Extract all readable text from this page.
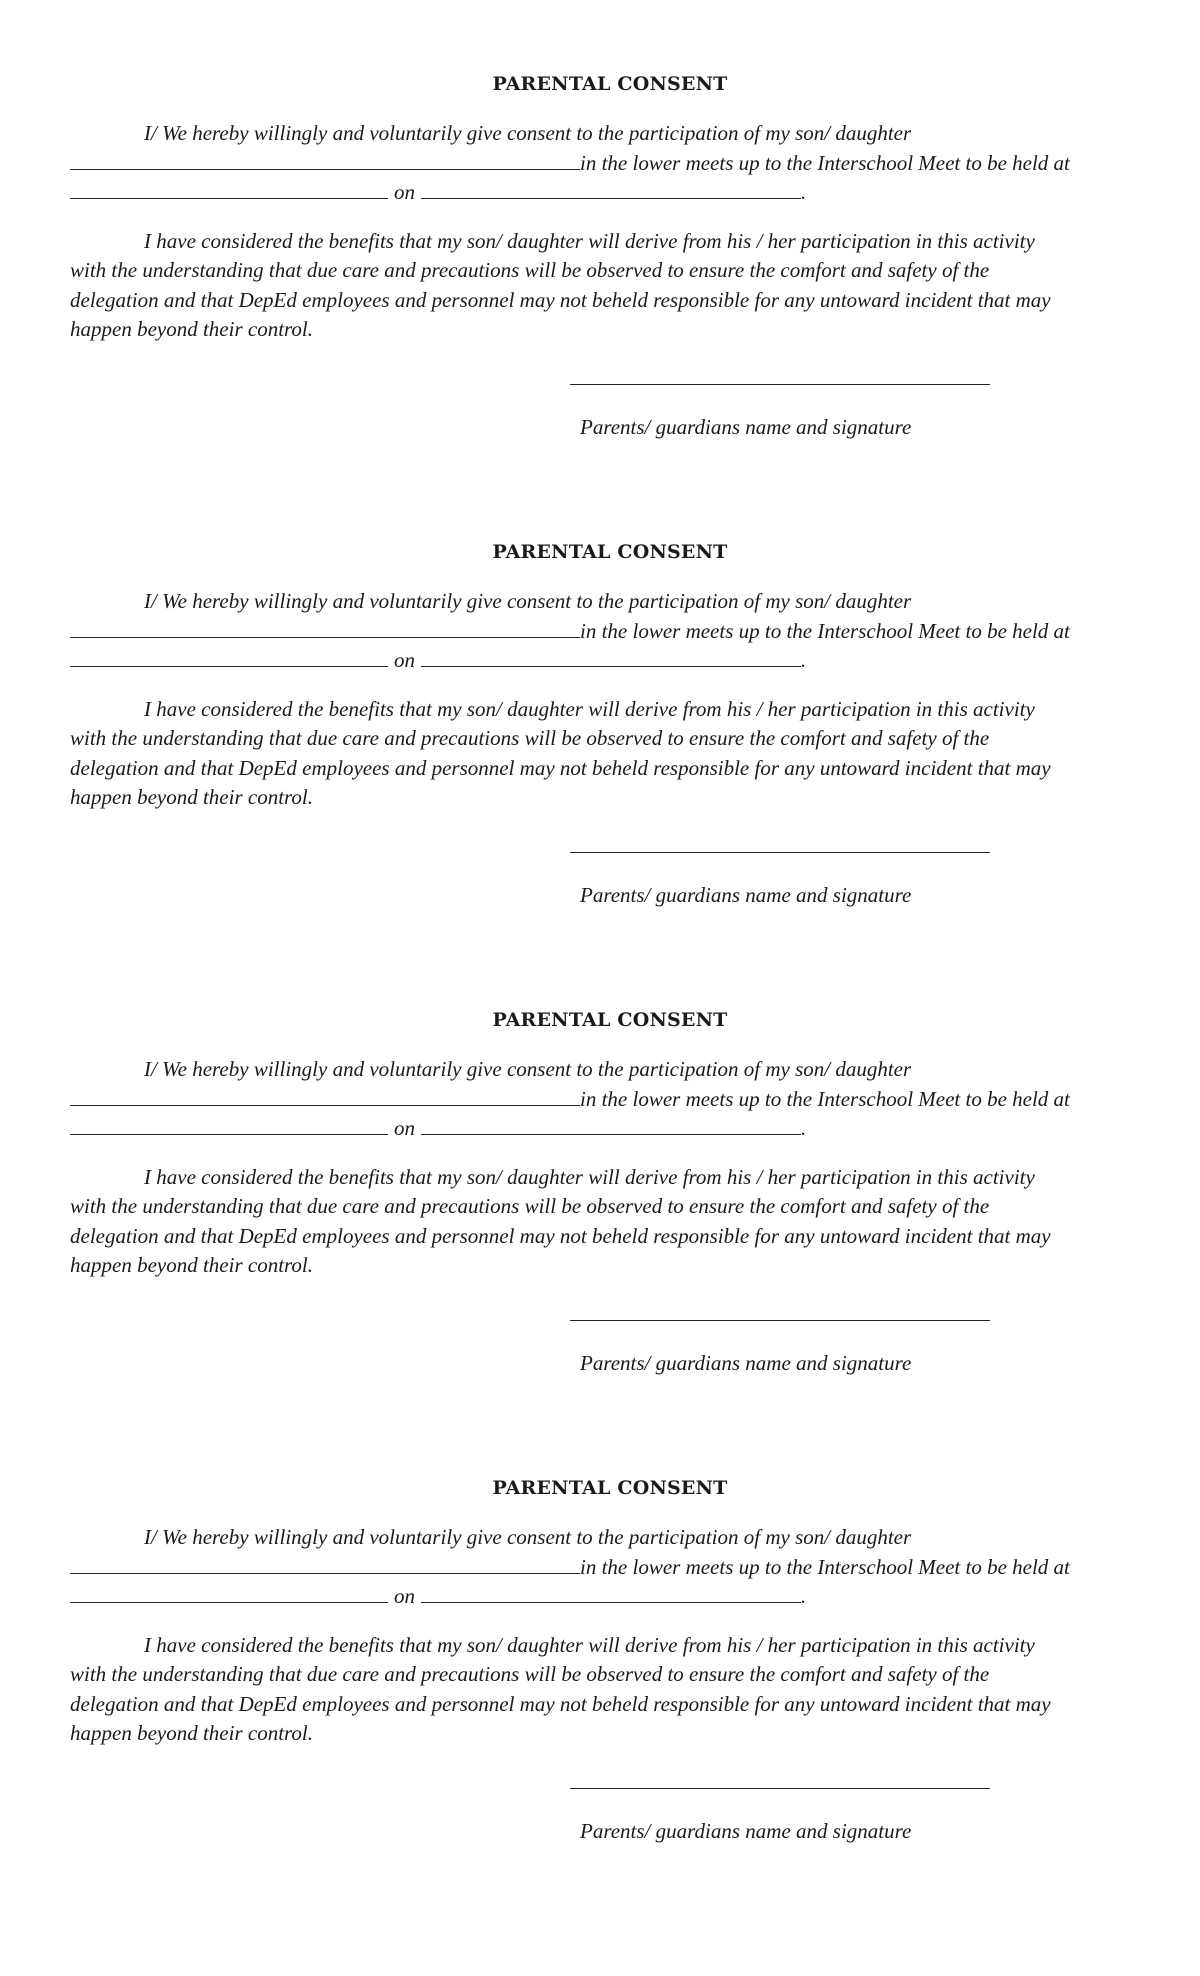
PARENTAL CONSENT
I/ We hereby willingly and voluntarily give consent to the participation of my son/ daughter
in the lower meets up to the Interschool Meet to be held at
on	.
I have considered the benefits that my son/ daughter will derive from his / her participation in this activity
with the understanding that due care and precautions will be observed to ensure the comfort and safety of the
delegation and that DepEd employees and personnel may not beheld responsible for any untoward incident that may
happen beyond their control.
Parents/ guardians name and signature
PARENTAL CONSENT
I/ We hereby willingly and voluntarily give consent to the participation of my son/ daughter
in the lower meets up to the Interschool Meet to be held at
on	.
I have considered the benefits that my son/ daughter will derive from his / her participation in this activity
with the understanding that due care and precautions will be observed to ensure the comfort and safety of the
delegation and that DepEd employees and personnel may not beheld responsible for any untoward incident that may
happen beyond their control.
Parents/ guardians name and signature
PARENTAL CONSENT
I/ We hereby willingly and voluntarily give consent to the participation of my son/ daughter
in the lower meets up to the Interschool Meet to be held at
on	.
I have considered the benefits that my son/ daughter will derive from his / her participation in this activity
with the understanding that due care and precautions will be observed to ensure the comfort and safety of the
delegation and that DepEd employees and personnel may not beheld responsible for any untoward incident that may
happen beyond their control.
Parents/ guardians name and signature
PARENTAL CONSENT
I/ We hereby willingly and voluntarily give consent to the participation of my son/ daughter
in the lower meets up to the Interschool Meet to be held at
on	.
I have considered the benefits that my son/ daughter will derive from his / her participation in this activity
with the understanding that due care and precautions will be observed to ensure the comfort and safety of the
delegation and that DepEd employees and personnel may not beheld responsible for any untoward incident that may
happen beyond their control.
Parents/ guardians name and signature
